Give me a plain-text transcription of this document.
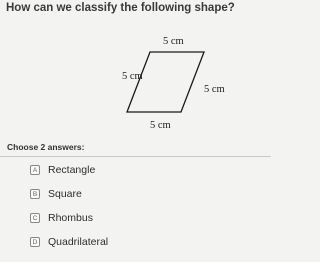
How can we classify the following shape?
5 cm
5 cm
5 cm
5 cm
Choose 2 answers:
A Rectangle
B Square
C Rhombus
D Quadrilateral
